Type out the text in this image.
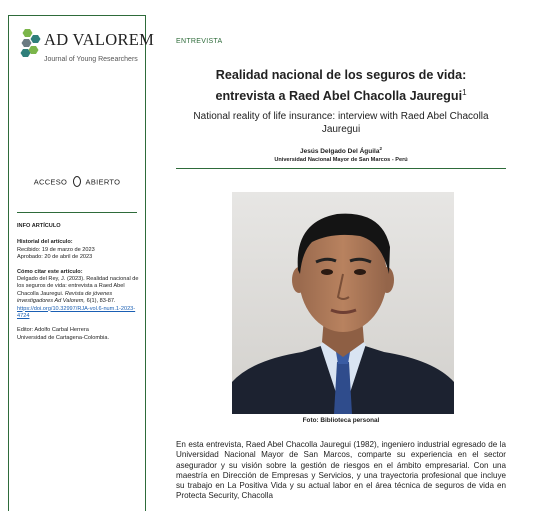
AD VALOREM
Journal of Young Researchers
ACCESO ABIERTO

INFO ARTÍCULO

Historial del artículo:

Recibido: 19 de marzo de 2023

Aprobado: 20 de abril de 2023

Cómo citar este artículo:

Delgado del Rey, J. (2023). Realidad nacional de los seguros de vida: entrevista a Raed Abel Chacolla Jauregui. Revista de jóvenes investigadores Ad Valorem, 6(1), 83-87. https://doi.org/10.32997/RJA-vol.6-num.1-2023-4724

Editor: Adolfo Carbal Herrera

Universidad de Cartagena-Colombia.

ENTREVISTA
Realidad nacional de los seguros de vida:
entrevista a Raed Abel Chacolla Jauregui$^1$
National reality of life insurance: interview with Raed Abel Chacolla Jauregui
Jesús Delgado Del Águila$^2$
Universidad Nacional Mayor de San Marcos - Perú
Foto: Biblioteca personal
En esta entrevista, Raed Abel Chacolla Jauregui (1982), ingeniero industrial egresado de la Universidad Nacional Mayor de San Marcos, comparte su experiencia en el sector asegurador y su visión sobre la gestión de riesgos en el ámbito empresarial. Con una maestría en Dirección de Empresas y Servicios, y una trayectoria profesional que incluye su trabajo en La Positiva Vida y su actual labor en el área técnica de seguros de vida en Protecta Security, Chacolla
